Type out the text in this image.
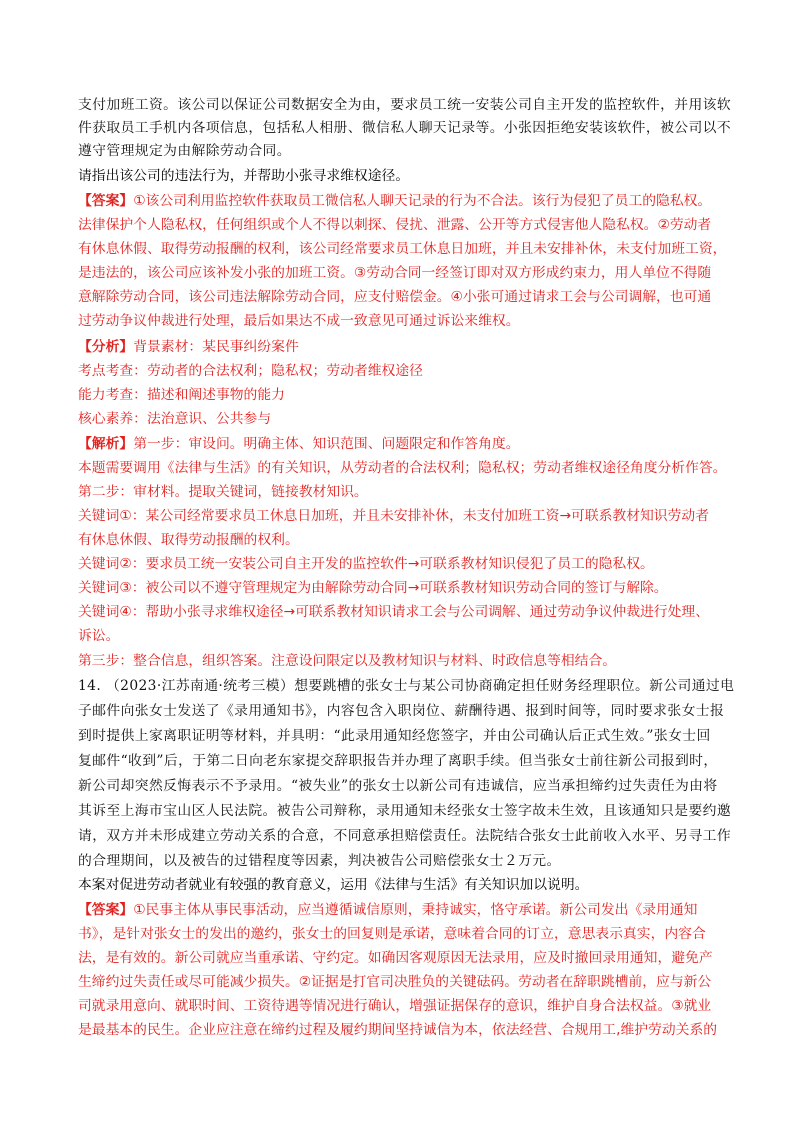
支付加班工资。该公司以保证公司数据安全为由，要求员工统一安装公司自主开发的监控软件，并用该软
件获取员工手机内各项信息，包括私人相册、微信私人聊天记录等。小张因拒绝安装该软件，被公司以不
遵守管理规定为由解除劳动合同。
请指出该公司的违法行为，并帮助小张寻求维权途径。
【答案】①该公司利用监控软件获取员工微信私人聊天记录的行为不合法。该行为侵犯了员工的隐私权。
法律保护个人隐私权，任何组织或个人不得以刺探、侵扰、泄露、公开等方式侵害他人隐私权。②劳动者
有休息休假、取得劳动报酬的权利，该公司经常要求员工休息日加班，并且未安排补休，未支付加班工资，
是违法的，该公司应该补发小张的加班工资。③劳动合同一经签订即对双方形成约束力，用人单位不得随
意解除劳动合同，该公司违法解除劳动合同，应支付赔偿金。④小张可通过请求工会与公司调解，也可通
过劳动争议仲裁进行处理，最后如果达不成一致意见可通过诉讼来维权。
【分析】背景素材：某民事纠纷案件
考点考查：劳动者的合法权利；隐私权；劳动者维权途径
能力考查：描述和阐述事物的能力
核心素养：法治意识、公共参与
【解析】第一步：审设问。明确主体、知识范围、问题限定和作答角度。
本题需要调用《法律与生活》的有关知识，从劳动者的合法权利；隐私权；劳动者维权途径角度分析作答。
第二步：审材料。提取关键词，链接教材知识。
关键词①：某公司经常要求员工休息日加班，并且未安排补休，未支付加班工资→可联系教材知识劳动者
有休息休假、取得劳动报酬的权利。
关键词②：要求员工统一安装公司自主开发的监控软件→可联系教材知识侵犯了员工的隐私权。
关键词③：被公司以不遵守管理规定为由解除劳动合同→可联系教材知识劳动合同的签订与解除。
关键词④：帮助小张寻求维权途径→可联系教材知识请求工会与公司调解、通过劳动争议仲裁进行处理、
诉讼。
第三步：整合信息，组织答案。注意设问限定以及教材知识与材料、时政信息等相结合。
14. （2023·江苏南通·统考三模）想要跳槽的张女士与某公司协商确定担任财务经理职位。新公司通过电
子邮件向张女士发送了《录用通知书》，内容包含入职岗位、薪酬待遇、报到时间等，同时要求张女士报
到时提供上家离职证明等材料，并具明：“此录用通知经您签字，并由公司确认后正式生效。”张女士回
复邮件“收到”后，于第二日向老东家提交辞职报告并办理了离职手续。但当张女士前往新公司报到时，
新公司却突然反悔表示不予录用。“被失业”的张女士以新公司有违诚信，应当承担缔约过失责任为由将
其诉至上海市宝山区人民法院。被告公司辩称，录用通知未经张女士签字故未生效，且该通知只是要约邀
请，双方并未形成建立劳动关系的合意，不同意承担赔偿责任。法院结合张女士此前收入水平、另寻工作
的合理期间，以及被告的过错程度等因素，判决被告公司赔偿张女士２万元。
本案对促进劳动者就业有较强的教育意义，运用《法律与生活》有关知识加以说明。
【答案】①民事主体从事民事活动，应当遵循诚信原则，秉持诚实，恪守承诺。新公司发出《录用通知
书》，是针对张女士的发出的邀约，张女士的回复则是承诺，意味着合同的订立，意思表示真实，内容合
法，是有效的。新公司就应当重承诺、守约定。如确因客观原因无法录用，应及时撤回录用通知，避免产
生缔约过失责任或尽可能减少损失。②证据是打官司决胜负的关键砝码。劳动者在辞职跳槽前，应与新公
司就录用意向、就职时间、工资待遇等情况进行确认，增强证据保存的意识，维护自身合法权益。③就业
是最基本的民生。企业应注意在缔约过程及履约期间坚持诚信为本，依法经营、合规用工,维护劳动关系的
